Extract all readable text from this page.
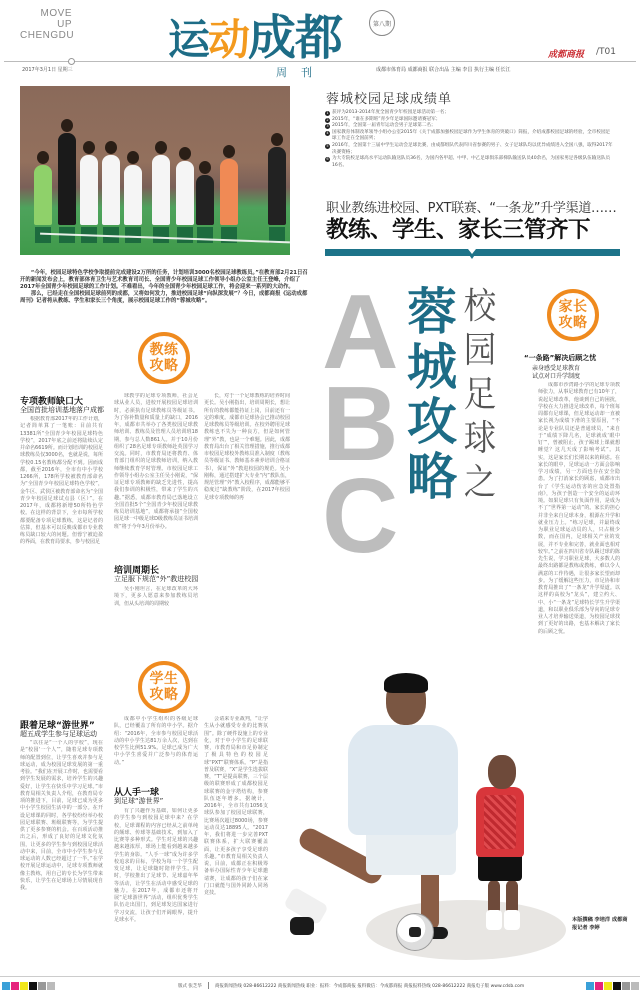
MOVE
UP
CHENGDU
2017年3月1日 星期三
运动成都	第八期
周刊
成都商报 /T01
成都市体育局 成都商报 联合出品 主编 李昌 执行主编 任长江
蓉城校园足球成绩单
1 获评为2013-2014年度全国青少年校园足球活动第一名；
2 2015年，“谁在多期班”青少年足球国际邀请赛冠军；
3 2015年，全国第一届青年运动会男子足球第二名；
4 国家教育体制改革领导小组办公室2015年《关于成都加强校园足球作为学生体育的突破口》简报，介绍成都校园足球的经验，全市校园足球工作走在全国前列；
5 2016年，全国第十三届中学生运动会足球比赛，由成都组队代表四川省参赛的男子、女子足球队均以优异成绩进入全国八强，取得2017年决赛资格；
6 为大专院校足球高水平运动队输送队员36名，为国内各甲超、中甲、中乙足球俱乐部梯队输送队员40余名，为国家男足各级队伍输送队员16名。
职业教练进校园、PXT联赛、“一条龙”升学渠道……
教练、学生、家长三管齐下

“今年，校园足球特色学校争取提前完成建设2万所的任务，计划培训3000名校园足球教练员。”在教育部2月21日召开的新闻发布会上，教育部体育卫生与艺术教育司司长、全国青少年校园足球工作领导小组办公室主任王登峰，介绍了2017年全国青少年校园足球的工作计划。不难看出，今年的全国青少年校园足球工作，将会迎来一系列的大动作。

那么，已经走在全国校园足球前列的成都，又将如何发力，推进校园足球“向纵深发展”？今日，成都商报《运动成都周刊》记者将从教练、学生和家长三个角度，展示校园足球工作的“蓉城攻略”。	A
B
C
蓉
城
攻
略
校
园
足
球
之
教练攻略
学生攻略
家长攻略
专项教师缺口大
全国首批培训基地落户成都
根据教育部2017年的工作计划，记者简单算了一笔账：目前共有13381所“全国青少年校园足球特色学校”，2017年底之前还将陆续认定并命名6619所。而计划培训的校园足球教练员仅3000名，也就是说，每所学校0.15名教练都分配不到。因而成都，截至2016年，全市有中小学校1266所，178所学校被教育部命名为“全国青少年校园足球特色学校”，金牛区、武侯区被教育部命名为“全国青少年校园足球试点县（区）”。在2017年，成都将新增50所特色学校。在这样的背景下，全市每所学校都要配备专项足球教练，这是记者的估算，但基本可以反映成都市专业教练员缺口较大的问题。但蓉宁被迫盈的界面，在教育局要求，参与校园足
球教学的足球专项教师，社会足球从业人员，进校开展校园足球培训时，必须执有足球教练员等级证书。为了弥补数量和质量上的缺口，2016年，成都市共举办了各类校园足球教师培训、教练员及管理人员培训班18期，参与总人数861人。并于10月份组织了28名足球专项教师赴英国学习交流。同时，市教育局还将教育、体育部门组织的足球教师培训，纳入教师继续教育学时管理。市校园足球工作领导小组办公室主任吴小刚说，“保证足球专项教师的缺乏先进性，提高我们参训的积极性，带来了学生的兴趣。”据悉，成都市教育局已落地设立全国首批5个“全国青少年校园足球教练员培训基地”，成都将承接“全国校园足球一中级足球D级教练员证书培训班”将于今年3月份举办。
培训周期长
立足服下规范“外”教进校园
吴小刚坦言，在足球改革的大环境下，更多人愿意来参加教练员培训，但从头培训的周期较
长，对于一个足球教练的培养时间更长。吴小刚指出，培训周期长，想让所有的教练都能持证上岗，目前还有一定的难度。成都市足球协会已推动校园足球教练员等级培训。在校外聘用足球教练也不失为一种良方，但是如何管理“外”教，也是一个难题。因此，成都教育局出台了相关管理措施，推行成都市校园足球校外教练员准入制度（教练员等级证书、教师基本素养培训合格证书），保证“外”教进校园的规范。吴小刚称，通过搭建扩大专业“内”教队伍，规范管理“外”教入校程序，成都能够平稳度过“缺教练”阶段，在2017年校园足球专项教师的再
跟着足球“游世界”
超五成学生参与足球运动
“以往是“一个人的学校”，现在是“校园‘一个人’”，随着足球专项教师的配置到位，让学生喜欢并参与足球运动，成为校园足球发展的第一重考验。“我们在开展工作时，也需要看到学生发展的需求，培养学生的兴趣爱好，让学生在快乐中学习足球。”市教育局相关负责人介绍，在教育局专项的推进下，目前，足球已成为更多中小学生校园生活中的一部分。在开设足球课的同时，各学校纷纷举办校园足球联赛、班级联赛等，为学生提供了更多参赛的机会。在百项活动推出之后，形成了良好的足球文化氛围，让更多的学生参与到校园足球活动中来，目前，全市中小学生参与足球运动的人数已经超过了一半。”在学校开展足球运动中，足球专项教师就像主教练，用自己的专长为学生带来快乐，让学生在足球场上尽情展现自我。
成都中小学生组织的各级足球队，已经覆盖了所有的中小学。据介绍：“2016年，全市参与校园足球活动的中小学生达81万余人次，达到在校学生比例51.9%。足球已成为广大中小学生喜爱并广泛参与的体育运动。”
从人手一球
到足球“游世界”
有了兴趣作为基础，如何让更多的学生参与到校园足球中来？在学校，足球课程的内容已经从之前单纯的颠球、传球等基础技术，到加入了比赛等多种形式。学生对足球的兴趣越来越浓厚，球场上能看到越来越多学生的身影。“人手一球”成为许多学校追求的目标，学校为每一个学生配发足球，让足球随时陪伴学生。同时，学校推出了足球节、足球嘉年华等活动，让学生在活动中感受足球的魅力。在2017年，成都市还将开展“足球游世界”活动，组织优秀学生队伍走出国门，到足球发达国家进行学习交流，让孩子们开阔眼界，提升足球水平。
会请来专业裁判，“让学生从小就感受专业的比赛氛围”。除了硬件设施上的专业化，对于中小学生的足球联赛，市教育局和市足协制定了极具特色的校园足球“PXT”联赛体系。“P”是指普及联赛，“X”是学生选拔联赛，“T”是提高联赛，三个层级的联赛形成了成都校园足球联赛的金字塔结构，参赛队伍逐年增多。据统计，2016年，全市共有1056支球队参加了校园足球联赛，比赛场次超过8000场，参赛运动员达18895人。“2017年，我们将进一步完善PXT联赛体系，扩大联赛覆盖面，让更多孩子享受足球的乐趣。”市教育局相关负责人说，目前，成都正在积极筹备举办国际性青少年足球邀请赛，让成都的孩子们在家门口就能与国外同龄人同场竞技。
“一条路”解决后顾之忧
亲身感受足球教育
试点对口升学制度
成都市沙湾路小学的足球专项教师张力，从事足球教育已有10年了，说起足球改革，他谈到自己的困扰，学校在大力推进足球改革，每个班每周都有足球课，但足球运动却一直被家长视为成绩下滑的主要原因，“不论是专业队员还是普通球员，“来自于“成绩下降几名，足球就成‘眼中钉’”，曾被阻止，孩子踢球上课就想睡觉？这几天成了影响考试”。其实，这是家长们长期以来的顾虑。在家长的眼中，足球运动一方面会影响学习成绩，另一方面也存在安全隐患。为了打消家长的顾虑，成都市出台了《学生运动伤害的应急处置指南》，为孩子创造一个安全的运动环境。如果足球只有负面作用，是成为不了“世界第一运动”的。家长的担心并非全来自足球本身，根源在升学和就业压力上。“练习足球，并最终成为职业足球运动员的人，只占极少数，而在国内，足球相关产业的发展，并不专业和完善，就业面也相对较窄。”之前在四川省专队踢过球的陈先生说，学习职业足球，大多数人的最终出路都是教练或教练，难以令人满意的工作待遇，让很多家长望而却步。为了缓解这些压力，市足协和市教育局推出了“一条龙”升学渠道。以这样的高校为“龙头”，建立约大、中、小“一条龙”足球特长学生升学渠道，和以职业俱乐部为导向的足球专业人才培养输送渠道，为校园足球找到了更好的出路，也基本解决了家长的后顾之忧。
本版撰稿 李培洋 成都商
报记者 李婷
版式 张芝华	商报新闻热线 028-86612222 商报新闻热线 职业：报料：今成都商报 报料微信：今成都商报 商报报料热线 028-86612222 商报电子版 www.cdsb.com
